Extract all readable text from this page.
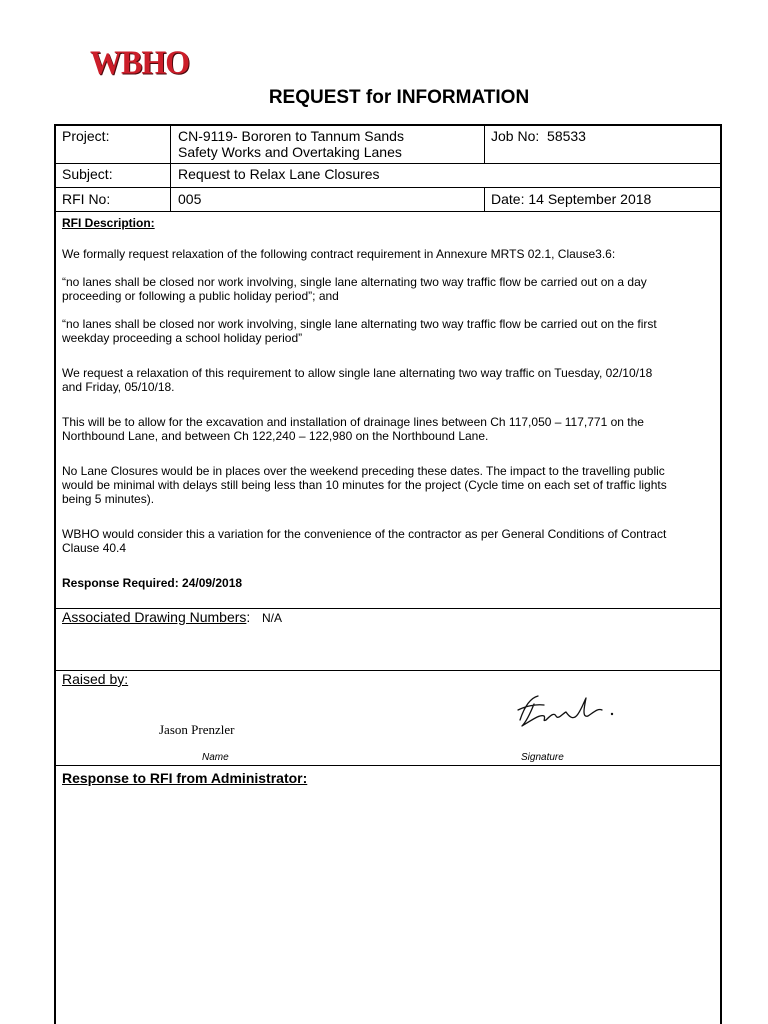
WBHO
REQUEST for INFORMATION
Project:	CN-9119- Bororen to Tannum Sands
Safety Works and Overtaking Lanes
Job No: 58533
Subject:	Request to Relax Lane Closures
RFI No:	005	Date: 14 September 2018
RFI Description:

We formally request relaxation of the following contract requirement in Annexure MRTS 02.1, Clause3.6:

“no lanes shall be closed nor work involving, single lane alternating two way traffic flow be carried out on a day

proceeding or following a public holiday period”; and

“no lanes shall be closed nor work involving, single lane alternating two way traffic flow be carried out on the first

weekday proceeding a school holiday period”

We request a relaxation of this requirement to allow single lane alternating two way traffic on Tuesday, 02/10/18

and Friday, 05/10/18.

This will be to allow for the excavation and installation of drainage lines between Ch 117,050 – 117,771 on the

Northbound Lane, and between Ch 122,240 – 122,980 on the Northbound Lane.

No Lane Closures would be in places over the weekend preceding these dates. The impact to the travelling public

would be minimal with delays still being less than 10 minutes for the project (Cycle time on each set of traffic lights

being 5 minutes).

WBHO would consider this a variation for the convenience of the contractor as per General Conditions of Contract

Clause 40.4

Response Required: 24/09/2018
Associated Drawing Numbers: N/A
Raised by:
Jason Prenzler
Name	Signature
Response to RFI from Administrator:
